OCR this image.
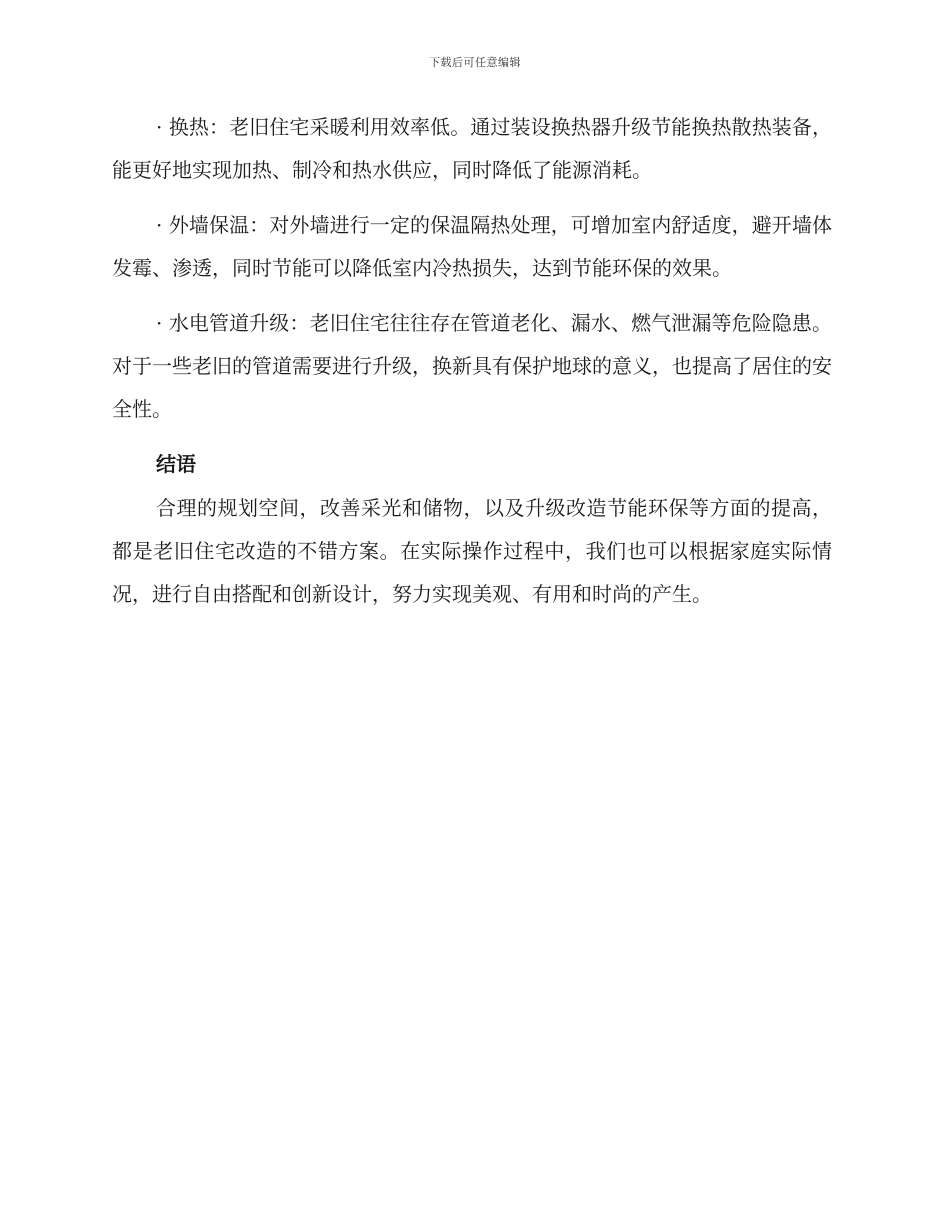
下载后可任意编辑

· 换热：老旧住宅采暖利用效率低。通过装设换热器升级节能换热散热装备，能更好地实现加热、制冷和热水供应，同时降低了能源消耗。

· 外墙保温：对外墙进行一定的保温隔热处理，可增加室内舒适度，避开墙体发霉、渗透，同时节能可以降低室内冷热损失，达到节能环保的效果。

· 水电管道升级：老旧住宅往往存在管道老化、漏水、燃气泄漏等危险隐患。对于一些老旧的管道需要进行升级，换新具有保护地球的意义，也提高了居住的安全性。

结语

合理的规划空间，改善采光和储物，以及升级改造节能环保等方面的提高，都是老旧住宅改造的不错方案。在实际操作过程中，我们也可以根据家庭实际情况，进行自由搭配和创新设计，努力实现美观、有用和时尚的产生。
